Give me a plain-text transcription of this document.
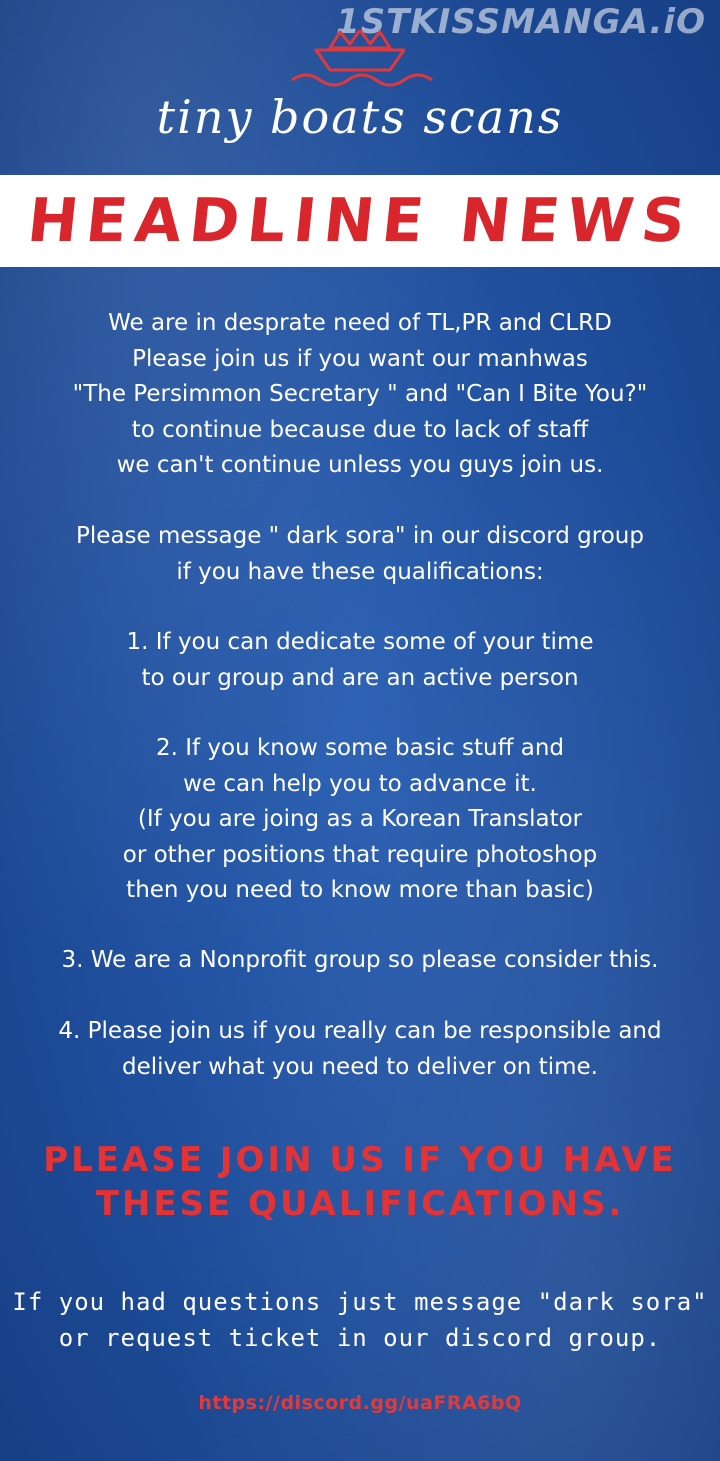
1STKISSMANGA.iO
tiny boats scans
HEADLINE NEWS
We are in desprate need of TL,PR and CLRD
Please join us if you want our manhwas
"The Persimmon Secretary " and "Can I Bite You?"
to continue because due to lack of staff
we can't continue unless you guys join us.
Please message " dark sora" in our discord group
if you have these qualifications:
1. If you can dedicate some of your time
to our group and are an active person
2. If you know some basic stuff and
we can help you to advance it.
(If you are joing as a Korean Translator
or other positions that require photoshop
then you need to know more than basic)
3. We are a Nonprofit group so please consider this.
4. Please join us if you really can be responsible and
deliver what you need to deliver on time.
PLEASE JOIN US IF YOU HAVE
THESE QUALIFICATIONS.
If you had questions just message "dark sora"
or request ticket in our discord group.
https://discord.gg/uaFRA6bQ
